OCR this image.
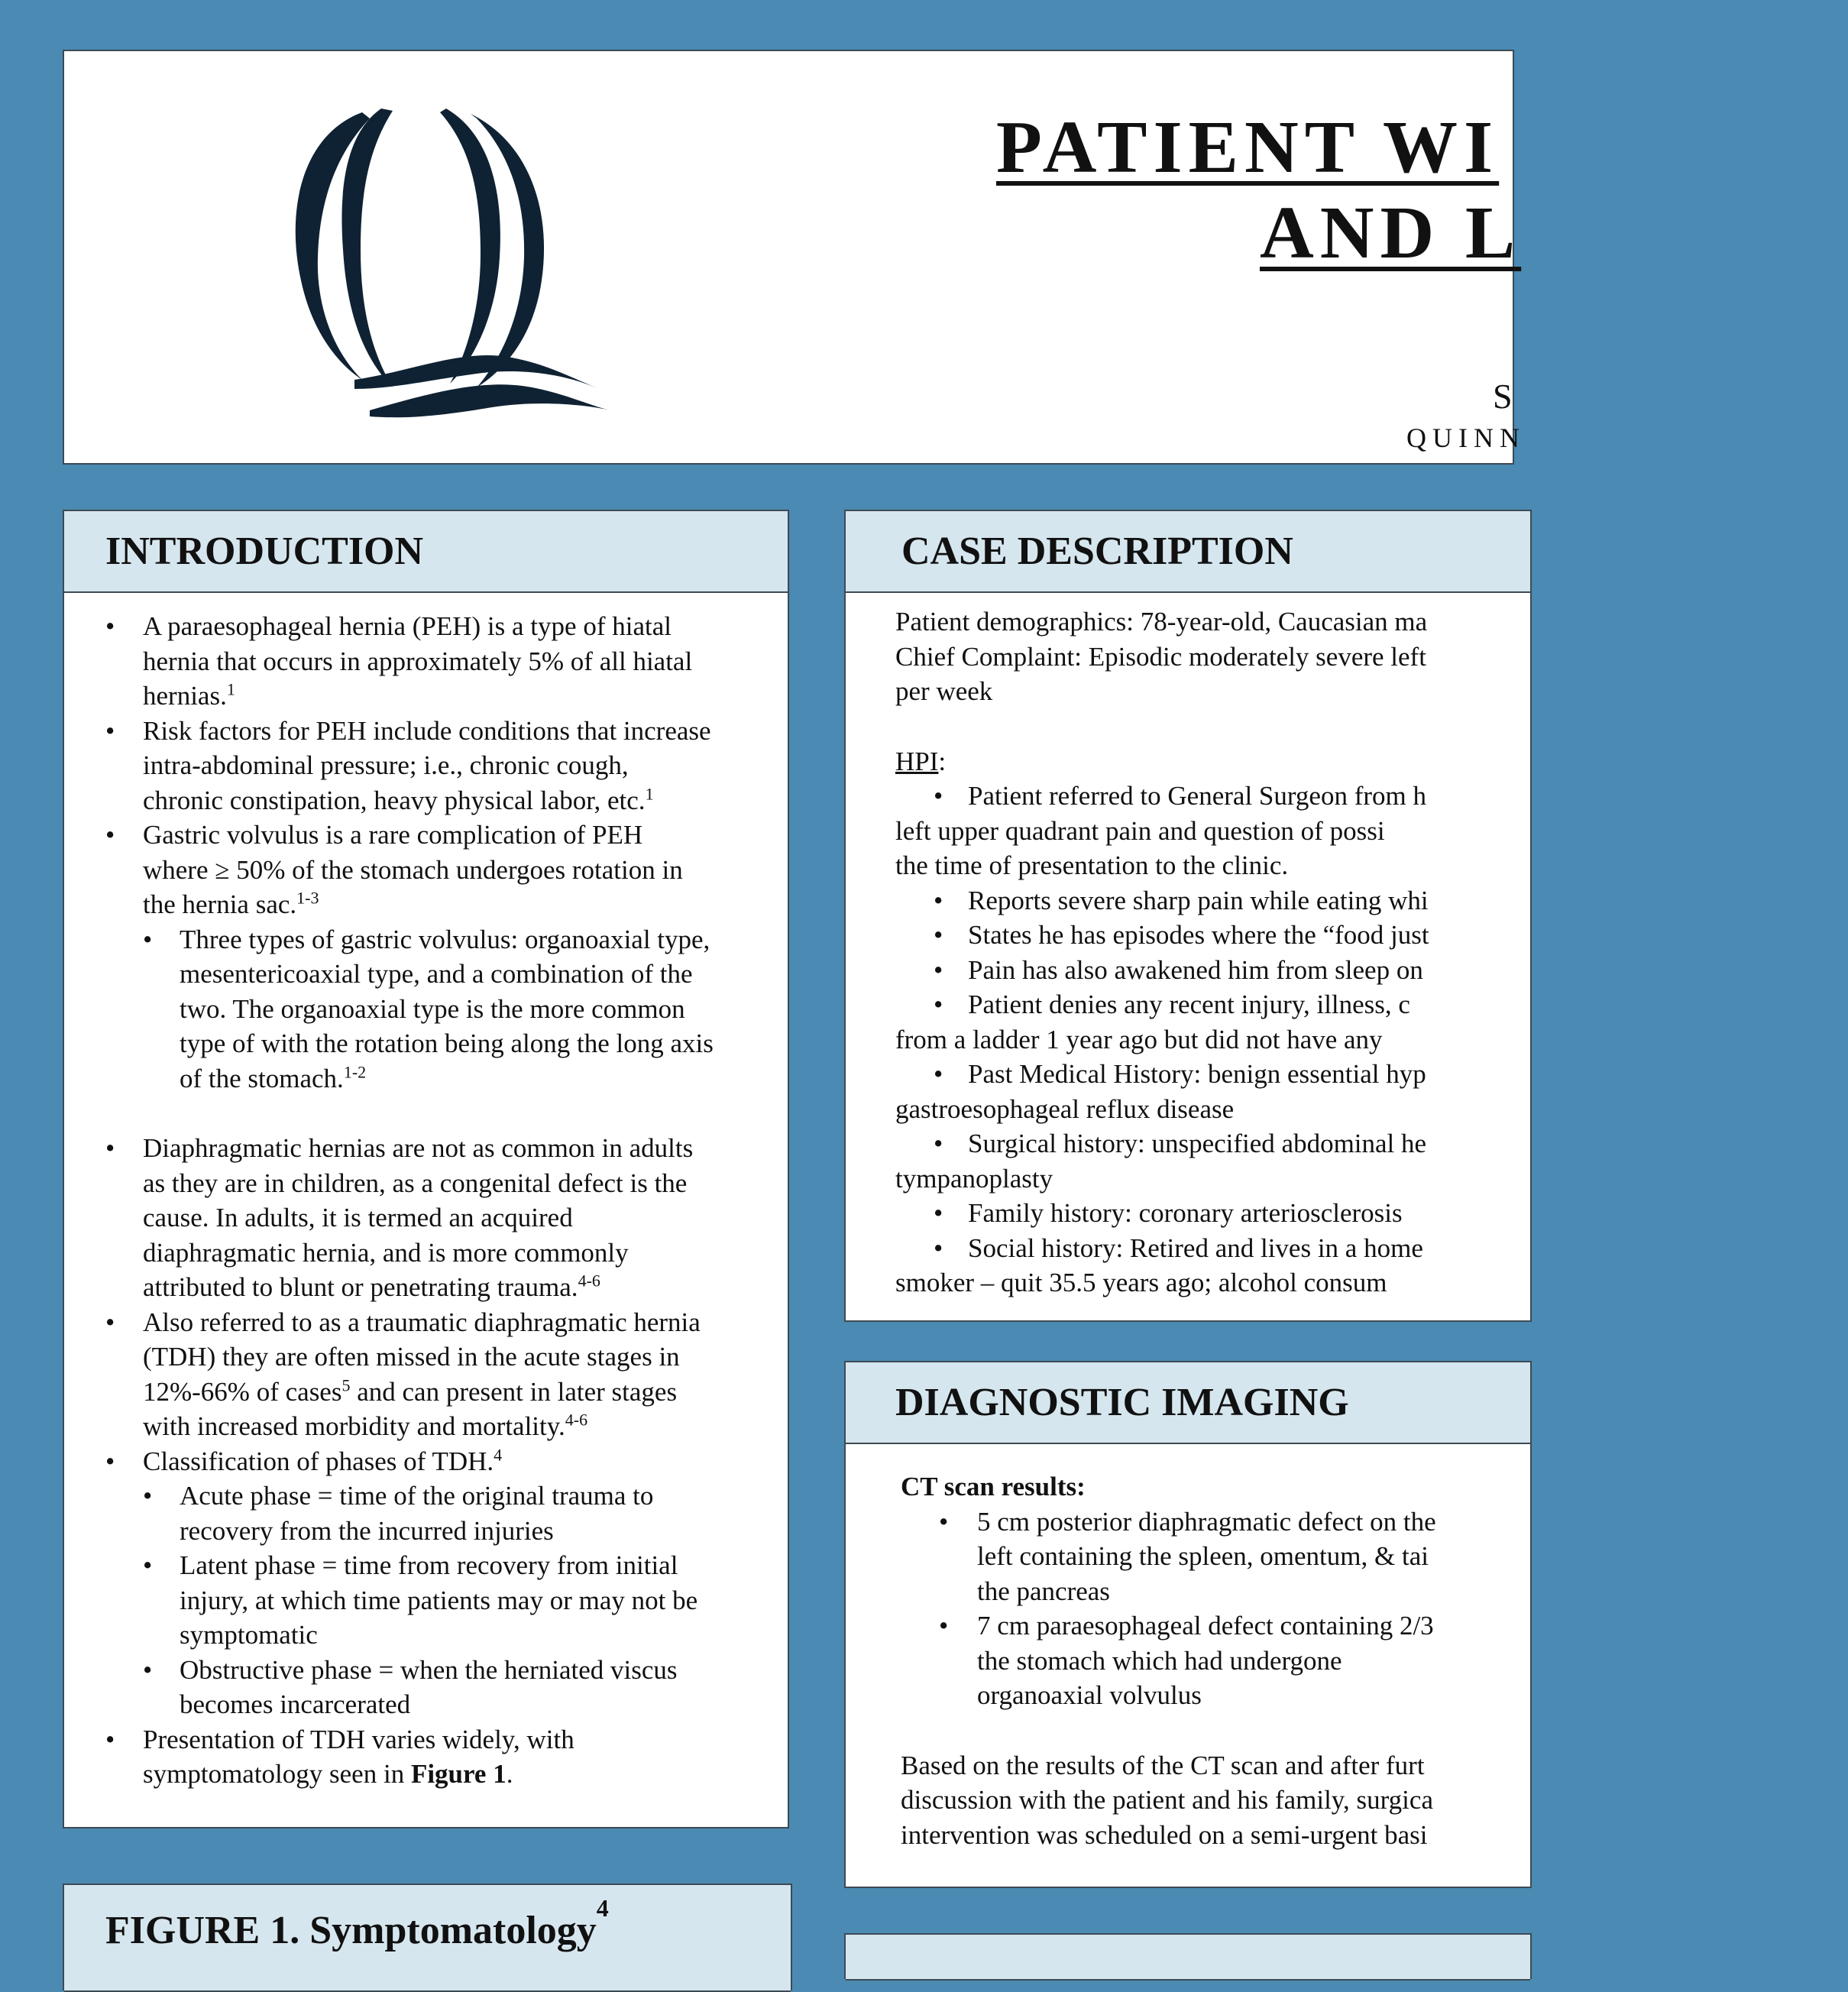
PATIENT WI
AND L
S
QUINN
INTRODUCTION
• A paraesophageal hernia (PEH) is a type of hiatal
hernia that occurs in approximately 5% of all hiatal
hernias.$^1$
• Risk factors for PEH include conditions that increase
intra-abdominal pressure; i.e., chronic cough,
chronic constipation, heavy physical labor, etc.$^1$
• Gastric volvulus is a rare complication of PEH
where ≥ 50% of the stomach undergoes rotation in
the hernia sac.$^{1-3}$
• Three types of gastric volvulus: organoaxial type,
mesentericoaxial type, and a combination of the
two. The organoaxial type is the more common
type of with the rotation being along the long axis
of the stomach.$^{1-2}$
• Diaphragmatic hernias are not as common in adults
as they are in children, as a congenital defect is the
cause. In adults, it is termed an acquired
diaphragmatic hernia, and is more commonly
attributed to blunt or penetrating trauma.$^{4-6}$
• Also referred to as a traumatic diaphragmatic hernia
(TDH) they are often missed in the acute stages in
12%-66% of cases$^5$ and can present in later stages
with increased morbidity and mortality.$^{4-6}$
• Classification of phases of TDH.$^4$
• Acute phase = time of the original trauma to
recovery from the incurred injuries
• Latent phase = time from recovery from initial
injury, at which time patients may or may not be
symptomatic
• Obstructive phase = when the herniated viscus
becomes incarcerated
• Presentation of TDH varies widely, with
symptomatology seen in Figure 1.
FIGURE 1. Symptomatology
4
CASE DESCRIPTION
Patient demographics: 78-year-old, Caucasian ma
Chief Complaint: Episodic moderately severe left
per week
HPI:
• Patient referred to General Surgeon from h
left upper quadrant pain and question of possi
the time of presentation to the clinic.
• Reports severe sharp pain while eating whi
• States he has episodes where the “food just
• Pain has also awakened him from sleep on
• Patient denies any recent injury, illness, c
from a ladder 1 year ago but did not have any
• Past Medical History: benign essential hyp
gastroesophageal reflux disease
• Surgical history: unspecified abdominal he
tympanoplasty
• Family history: coronary arteriosclerosis
• Social history: Retired and lives in a home
smoker – quit 35.5 years ago; alcohol consum
DIAGNOSTIC IMAGING
CT scan results:
• 5 cm posterior diaphragmatic defect on the
left containing the spleen, omentum, & tai
the pancreas
• 7 cm paraesophageal defect containing 2/3
the stomach which had undergone
organoaxial volvulus
Based on the results of the CT scan and after furt
discussion with the patient and his family, surgica
intervention was scheduled on a semi-urgent basi
